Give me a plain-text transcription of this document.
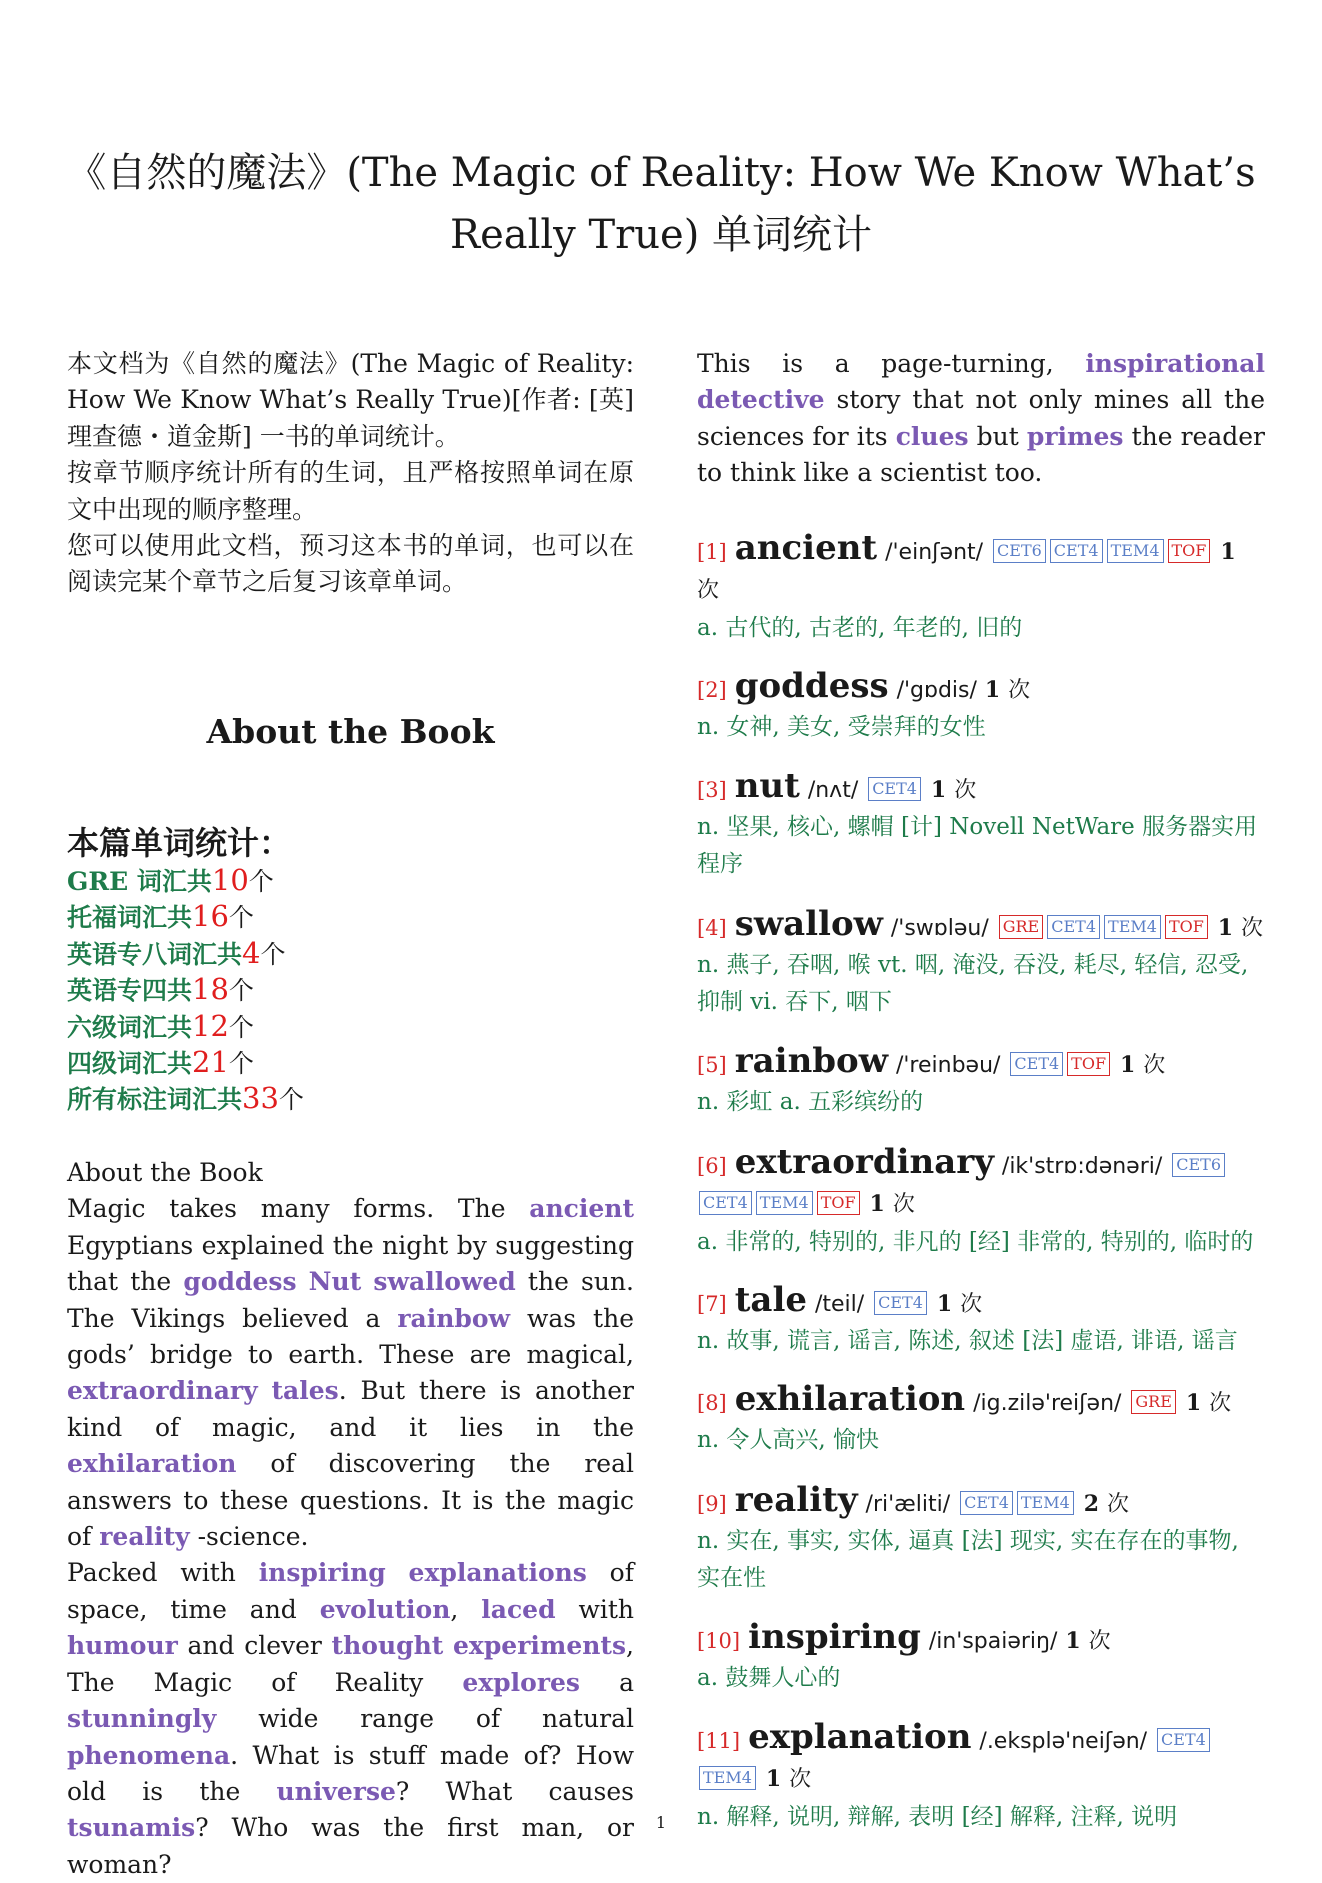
《自然的魔法》(The Magic of Reality: How We Know What’s Really True) 单词统计

本文档为《自然的魔法》(The Magic of Reality: How We Know What’s Really True)[作者: [英] 理查德・道金斯] 一书的单词统计。

按章节顺序统计所有的生词，且严格按照单词在原文中出现的顺序整理。

您可以使用此文档，预习这本书的单词，也可以在阅读完某个章节之后复习该章单词。

About the Book
本篇单词统计：
GRE 词汇共10个
托福词汇共16个
英语专八词汇共4个
英语专四共18个
六级词汇共12个
四级词汇共21个
所有标注词汇共33个

About the Book

Magic takes many forms. The ancient Egyptians explained the night by suggesting that the goddess Nut swallowed the sun. The Vikings believed a rainbow was the gods’ bridge to earth. These are magical, extraordinary tales. But there is another kind of magic, and it lies in the exhilaration of discovering the real answers to these questions. It is the magic of reality -science.

Packed with inspiring explanations of space, time and evolution, laced with humour and clever thought experiments, The Magic of Reality explores a stunningly wide range of natural phenomena. What is stuff made of? How old is the universe? What causes tsunamis? Who was the first man, or woman?

This is a page-turning, inspirational detective story that not only mines all the sciences for its clues but primes the reader to think like a scientist too.

[1] ancient /'einʃənt/ CET6 CET4 TEM4 TOF 1 次
a. 古代的, 古老的, 年老的, 旧的
[2] goddess /'gɒdis/ 1 次
n. 女神, 美女, 受崇拜的女性
[3] nut /nʌt/ CET4 1 次
n. 坚果, 核心, 螺帽 [计] Novell NetWare 服务器实用程序
[4] swallow /'swɒləu/ GRE CET4 TEM4 TOF 1 次
n. 燕子, 吞咽, 喉 vt. 咽, 淹没, 吞没, 耗尽, 轻信, 忍受, 抑制 vi. 吞下, 咽下
[5] rainbow /'reinbəu/ CET4 TOF 1 次
n. 彩虹 a. 五彩缤纷的
[6] extraordinary /ik'strɒ:dənəri/ CET6CET4 TEM4 TOF 1 次
a. 非常的, 特别的, 非凡的 [经] 非常的, 特别的, 临时的
[7] tale /teil/ CET4 1 次
n. 故事, 谎言, 谣言, 陈述, 叙述 [法] 虚语, 诽语, 谣言
[8] exhilaration /ig.zilə'reiʃən/ GRE 1 次
n. 令人高兴, 愉快
[9] reality /ri'æliti/ CET4 TEM4 2 次
n. 实在, 事实, 实体, 逼真 [法] 现实, 实在存在的事物, 实在性
[10] inspiring /in'spaiəriŋ/ 1 次
a. 鼓舞人心的
[11] explanation /.eksplə'neiʃən/ CET4TEM4 1 次
n. 解释, 说明, 辩解, 表明 [经] 解释, 注释, 说明
1
